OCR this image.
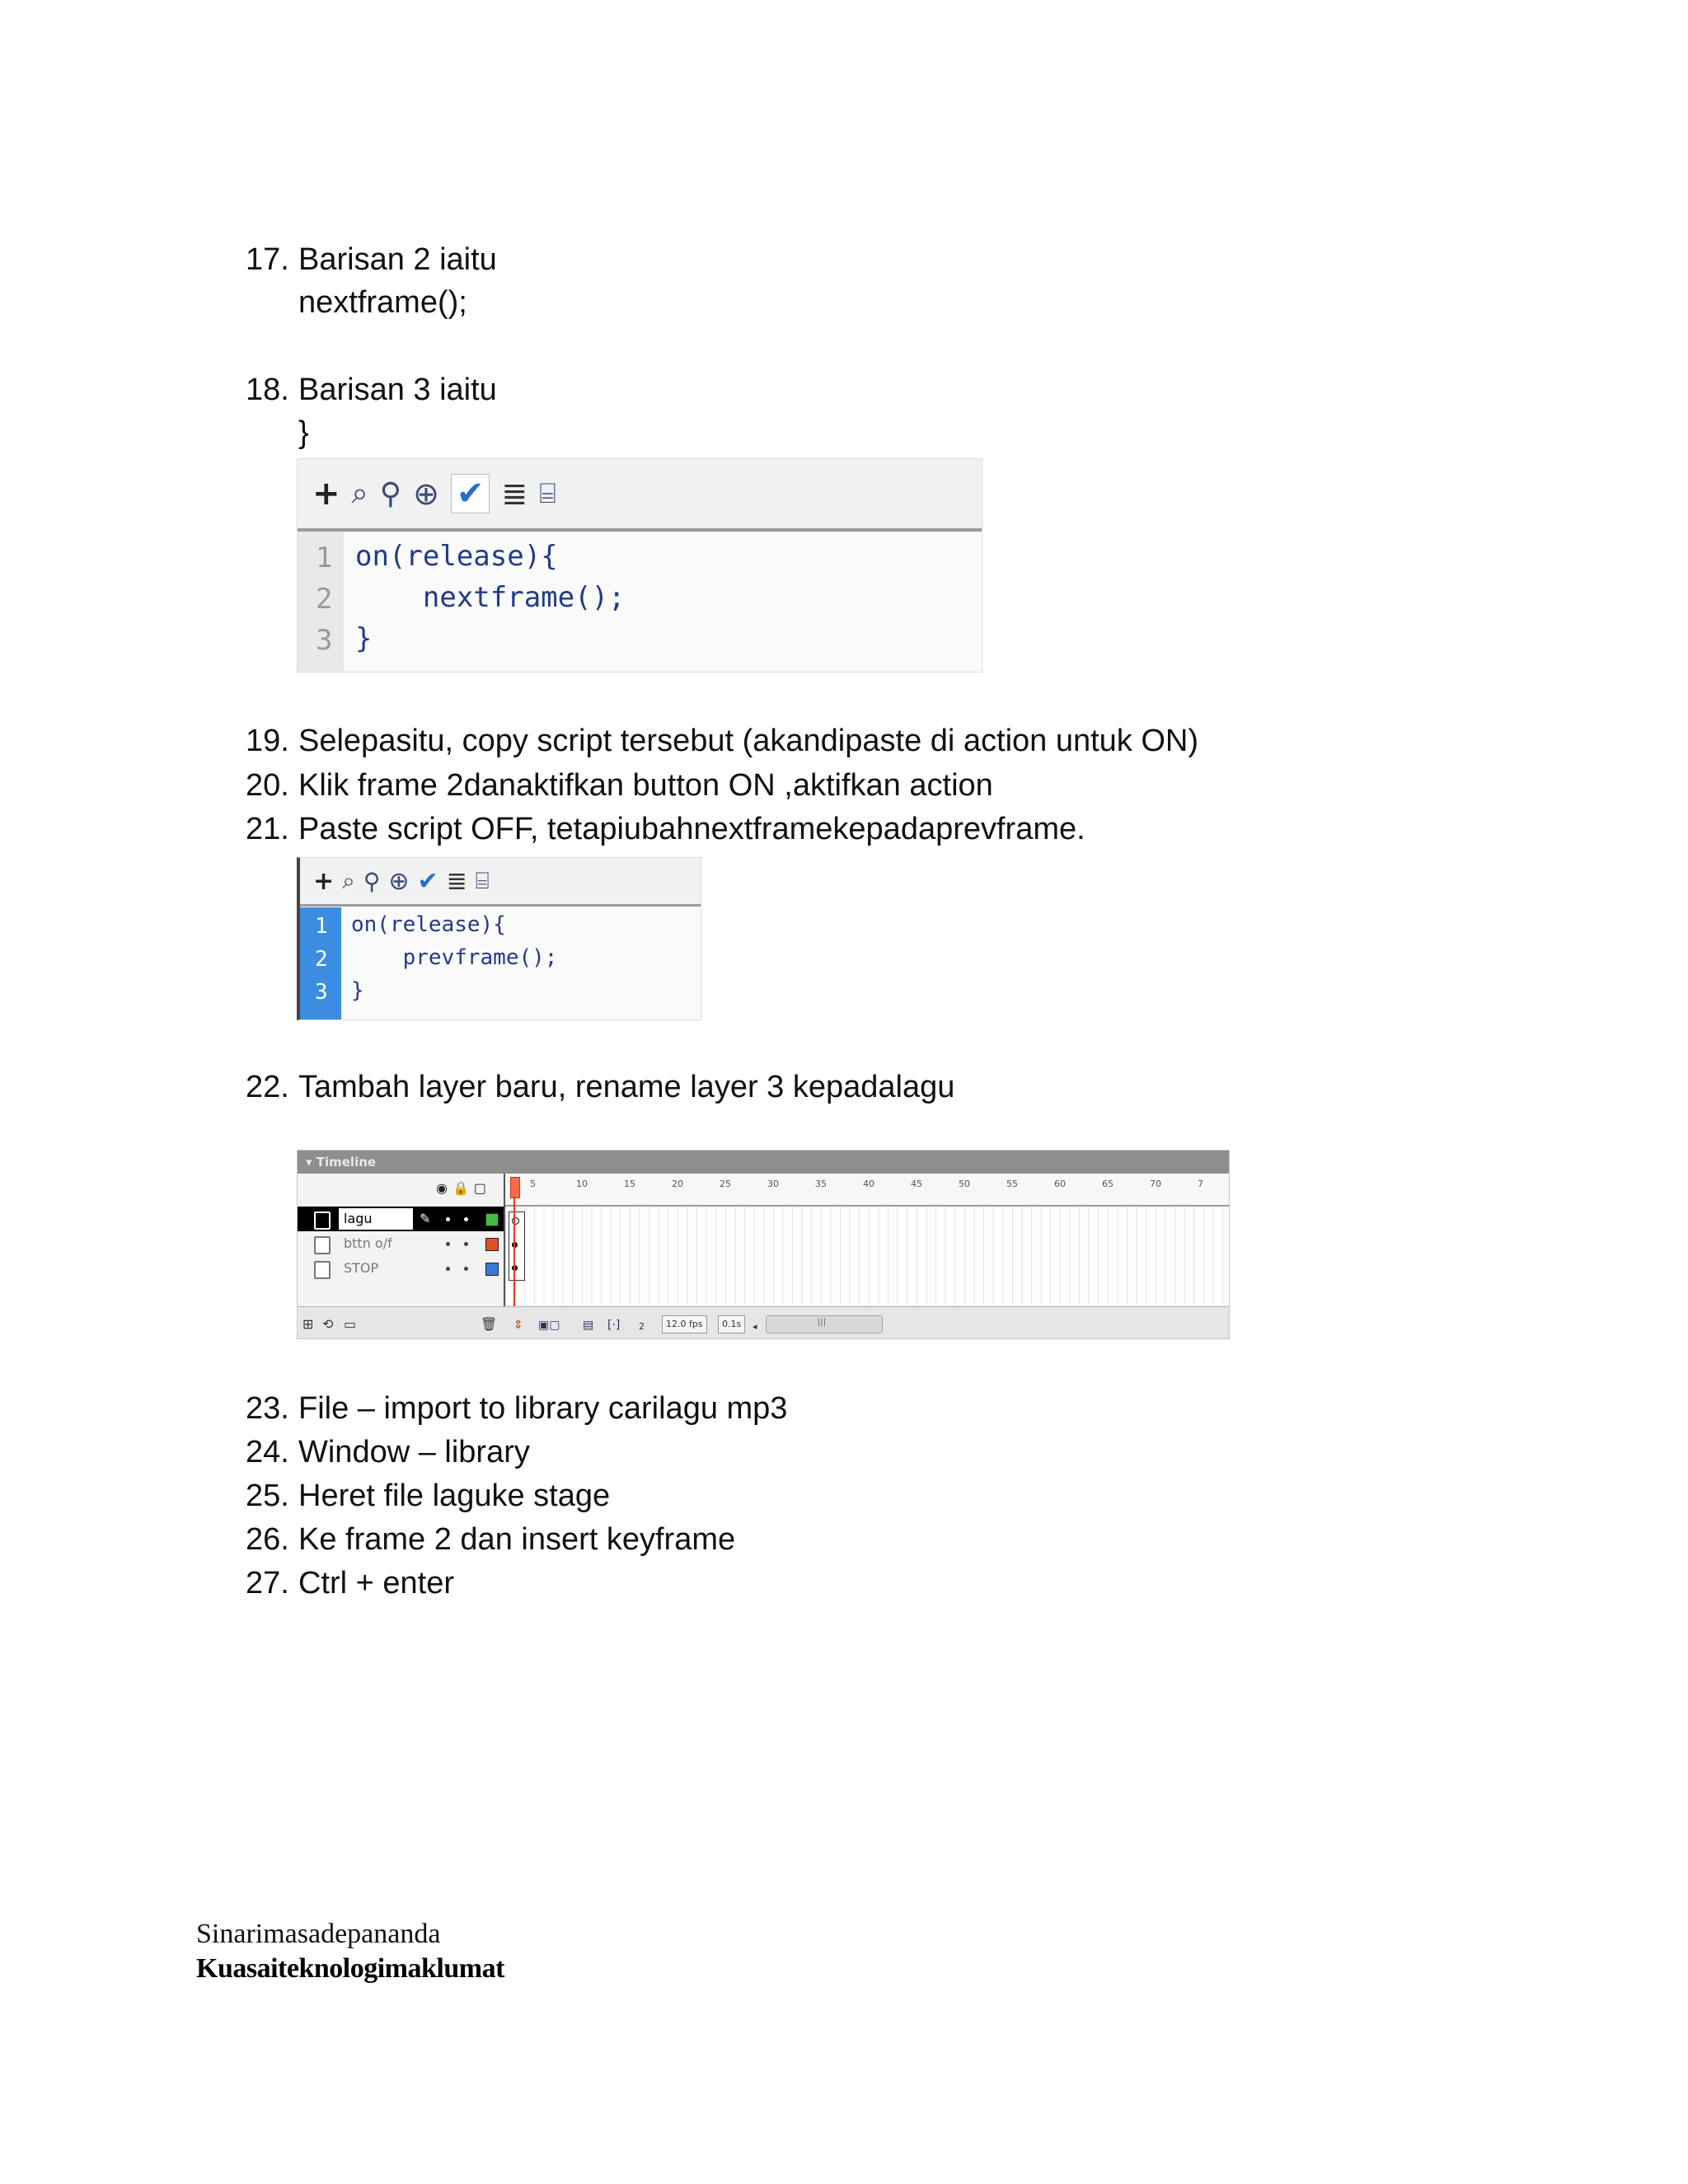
17. Barisan 2 iaitu
nextframe();
18. Barisan 3 iaitu
}
+ ⌕ ⚲ ⊕ ✔ ≣ ⌸
1
2
3
on(release){
nextframe();
}
19. Selepasitu, copy script tersebut (akandipaste di action untuk ON)
20. Klik frame 2danaktifkan button ON ,aktifkan action
21. Paste script OFF, tetapiubahnextframekepadaprevframe.
+ ⌕ ⚲ ⊕ ✔ ≣ ⌸
1
2
3
on(release){
prevframe();
}
22. Tambah layer baru, rename layer 3 kepadalagu
▾ Timeline
◉🔒▢
lagu	✎
bttn o/f
STOP
5	10	15	20	25	30	35	40	45	50	55	60	65	70	7
⊞ ⟲ ▭	🗑 ⇕ ▣▢ ▤ [·] 2	12.0 fps	0.1s	◂	|||
23. File – import to library carilagu mp3
24. Window – library
25. Heret file laguke stage
26. Ke frame 2 dan insert keyframe
27. Ctrl + enter
Sinarimasadepananda
Kuasaiteknologimaklumat
